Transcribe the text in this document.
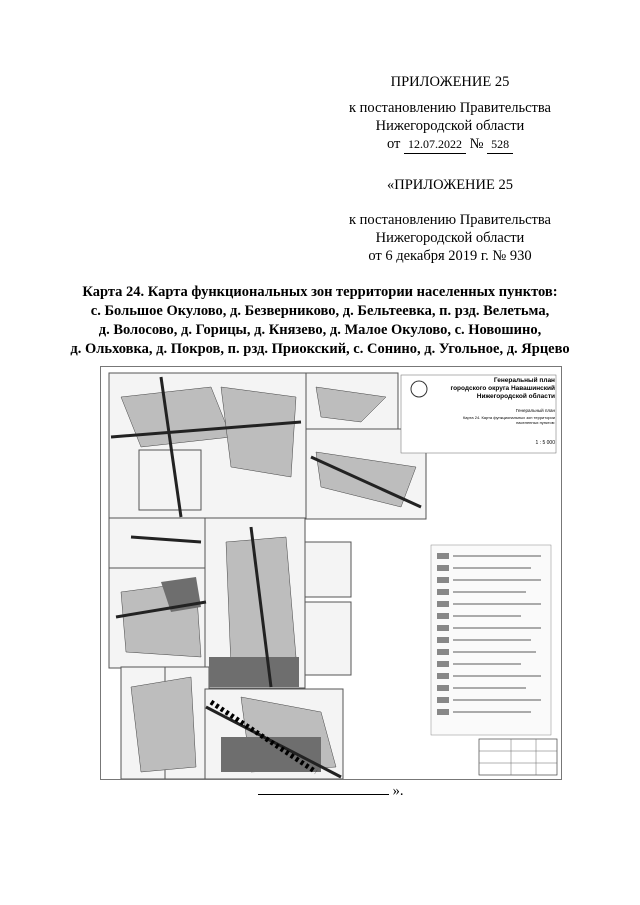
ПРИЛОЖЕНИЕ 25
к постановлению Правительства
Нижегородской области
от 12.07.2022 № 528
«ПРИЛОЖЕНИЕ 25
к постановлению Правительства
Нижегородской области
от 6 декабря 2019 г. № 930
Карта 24. Карта функциональных зон территории населенных пунктов:
с. Большое Окулово, д. Безверниково, д. Бельтеевка, п. рзд. Велетьма,
д. Волосово, д. Горицы, д. Князево, д. Малое Окулово, с. Новошино,
д. Ольховка, д. Покров, п. рзд. Приокский, с. Сонино, д. Угольное, д. Ярцево
Генеральный план
городского округа Навашинский
Нижегородской области
Генеральный план
Карта 24. Карта функциональных зон территории населенных пунктов:
1 : 5 000
».
